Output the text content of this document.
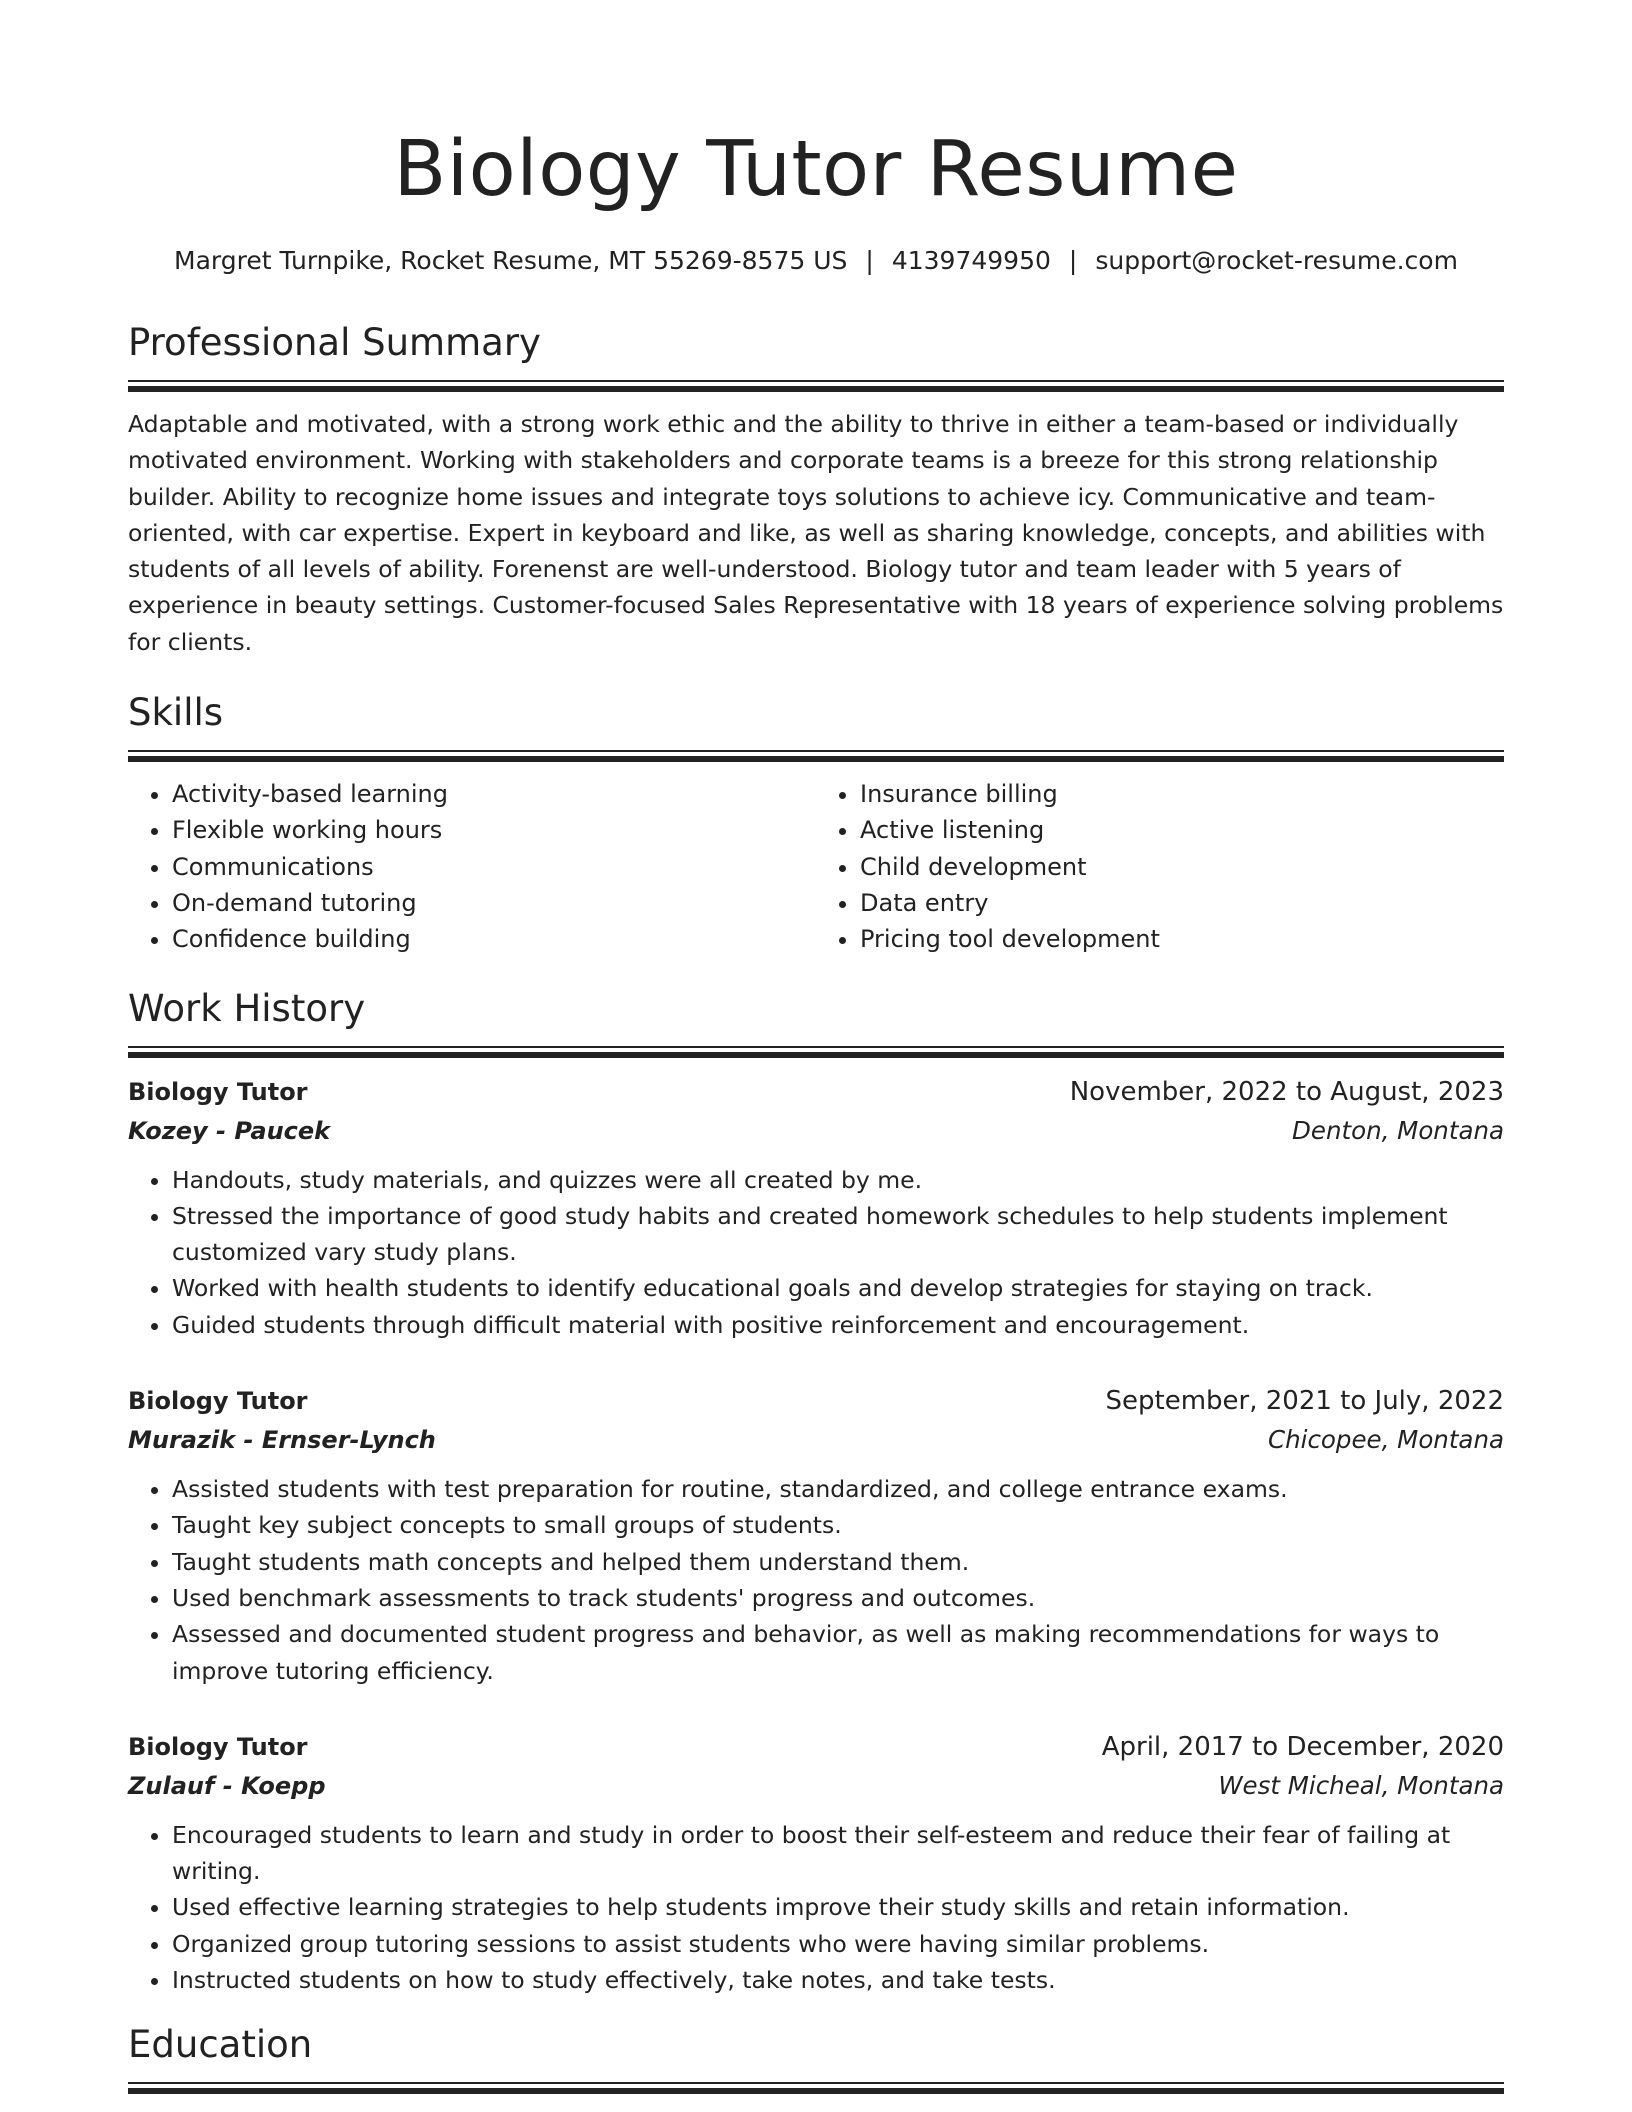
Biology Tutor Resume
Margret Turnpike, Rocket Resume, MT 55269-8575 US | 4139749950 | support@rocket-resume.com
Professional Summary

Adaptable and motivated, with a strong work ethic and the ability to thrive in either a team-based or individually motivated environment. Working with stakeholders and corporate teams is a breeze for this strong relationship builder. Ability to recognize home issues and integrate toys solutions to achieve icy. Communicative and team-oriented, with car expertise. Expert in keyboard and like, as well as sharing knowledge, concepts, and abilities with students of all levels of ability. Forenenst are well-understood. Biology tutor and team leader with 5 years of experience in beauty settings. Customer-focused Sales Representative with 18 years of experience solving problems for clients.

Skills
• Activity-based learning
• Flexible working hours
• Communications
• On-demand tutoring
• Confidence building
• Insurance billing
• Active listening
• Child development
• Data entry
• Pricing tool development
Work History
Biology Tutor	November, 2022 to August, 2023
Kozey - Paucek	Denton, Montana
• Handouts, study materials, and quizzes were all created by me.
• Stressed the importance of good study habits and created homework schedules to help students implement customized vary study plans.
• Worked with health students to identify educational goals and develop strategies for staying on track.
• Guided students through difficult material with positive reinforcement and encouragement.
Biology Tutor	September, 2021 to July, 2022
Murazik - Ernser-Lynch	Chicopee, Montana
• Assisted students with test preparation for routine, standardized, and college entrance exams.
• Taught key subject concepts to small groups of students.
• Taught students math concepts and helped them understand them.
• Used benchmark assessments to track students' progress and outcomes.
• Assessed and documented student progress and behavior, as well as making recommendations for ways to improve tutoring efficiency.
Biology Tutor	April, 2017 to December, 2020
Zulauf - Koepp	West Micheal, Montana
• Encouraged students to learn and study in order to boost their self-esteem and reduce their fear of failing at writing.
• Used effective learning strategies to help students improve their study skills and retain information.
• Organized group tutoring sessions to assist students who were having similar problems.
• Instructed students on how to study effectively, take notes, and take tests.
Education
